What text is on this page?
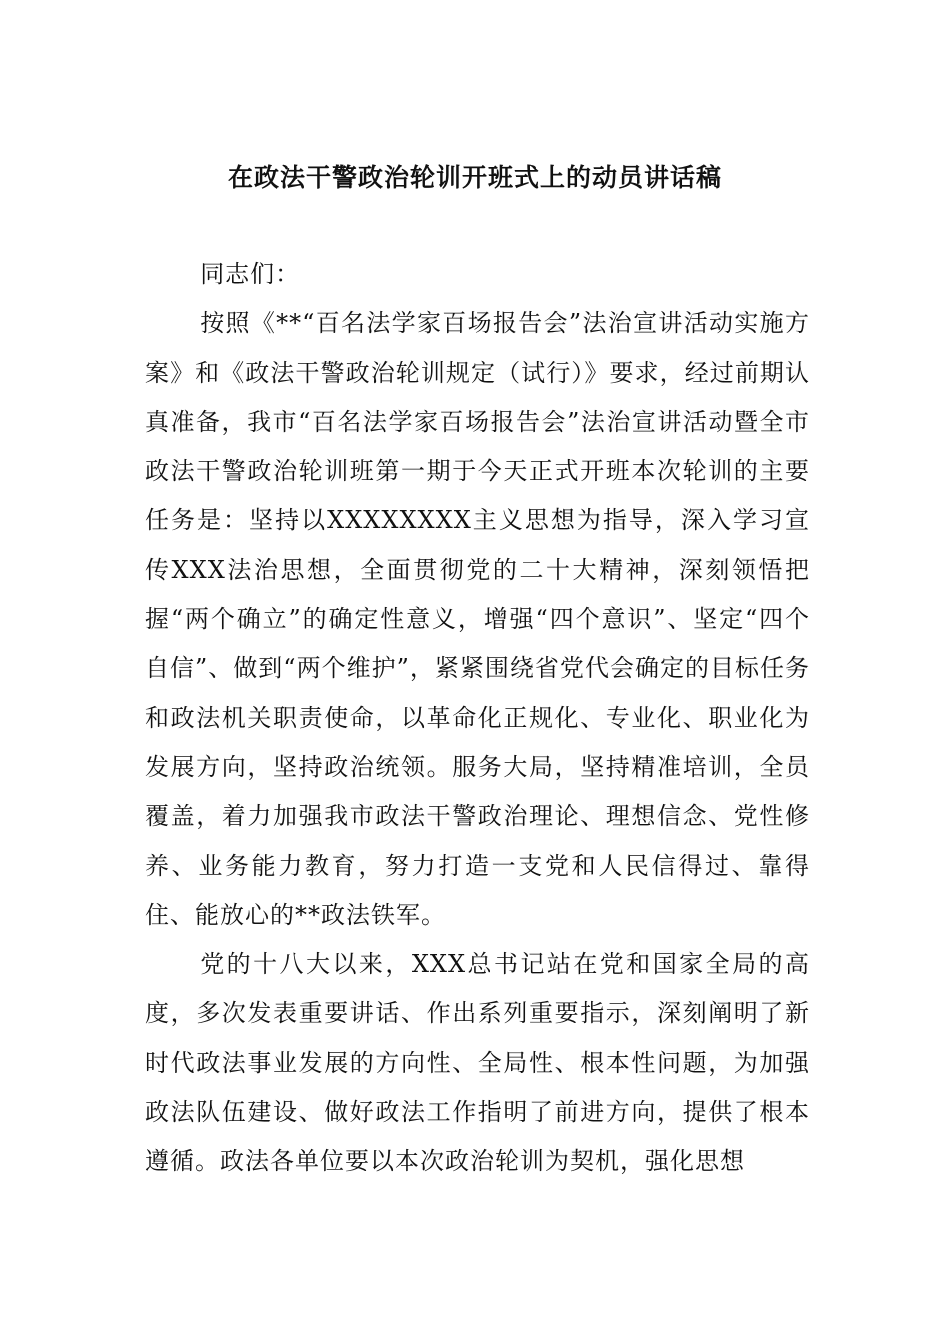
在政法干警政治轮训开班式上的动员讲话稿

同志们：

按照《**“百名法学家百场报告会”法治宣讲活动实施方案》和《政法干警政治轮训规定（试行）》要求，经过前期认真准备，我市“百名法学家百场报告会”法治宣讲活动暨全市政法干警政治轮训班第一期于今天正式开班本次轮训的主要任务是：坚持以XXXXXXXX主义思想为指导，深入学习宣传XXX法治思想，全面贯彻党的二十大精神，深刻领悟把握“两个确立”的确定性意义，增强“四个意识”、坚定“四个自信”、做到“两个维护”，紧紧围绕省党代会确定的目标任务和政法机关职责使命，以革命化正规化、专业化、职业化为发展方向，坚持政治统领。服务大局，坚持精准培训，全员覆盖，着力加强我市政法干警政治理论、理想信念、党性修养、业务能力教育，努力打造一支党和人民信得过、靠得住、能放心的**政法铁军。

党的十八大以来，XXX总书记站在党和国家全局的高度，多次发表重要讲话、作出系列重要指示，深刻阐明了新时代政法事业发展的方向性、全局性、根本性问题，为加强政法队伍建设、做好政法工作指明了前进方向，提供了根本遵循。政法各单位要以本次政治轮训为契机，强化思想
